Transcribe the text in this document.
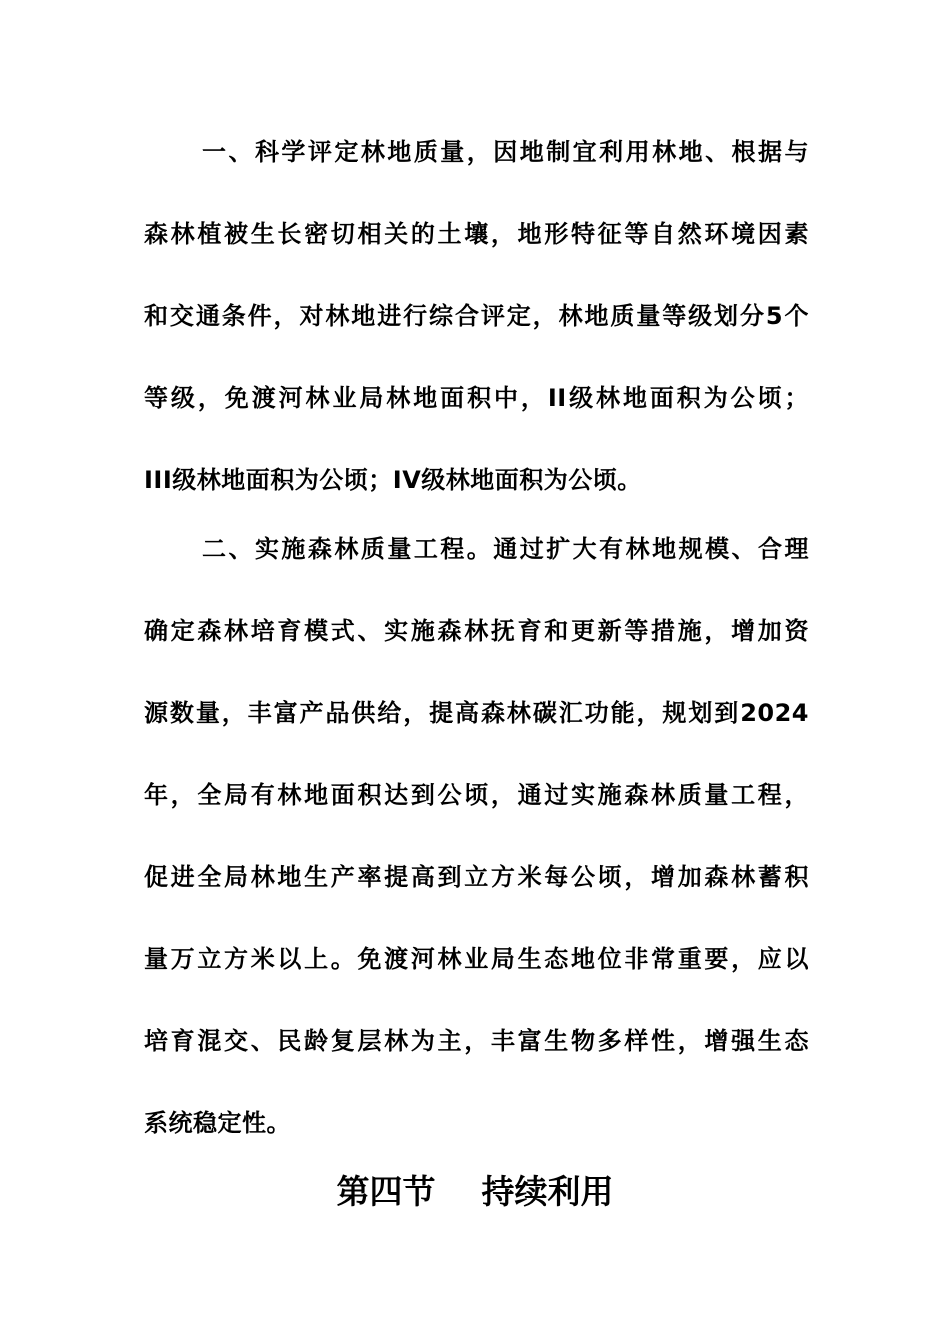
一、科学评定林地质量，因地制宜利用林地、根据与
森林植被生长密切相关的土壤，地形特征等自然环境因素
和交通条件，对林地进行综合评定，林地质量等级划分5个
等级，免渡河林业局林地面积中，II级林地面积为公顷；
III级林地面积为公顷；IV级林地面积为公顷。
二、实施森林质量工程。通过扩大有林地规模、合理
确定森林培育模式、实施森林抚育和更新等措施，增加资
源数量，丰富产品供给，提高森林碳汇功能，规划到2024
年，全局有林地面积达到公顷，通过实施森林质量工程，
促进全局林地生产率提高到立方米每公顷，增加森林蓄积
量万立方米以上。免渡河林业局生态地位非常重要，应以
培育混交、民龄复层林为主，丰富生物多样性，增强生态
系统稳定性。
第四节    持续利用
